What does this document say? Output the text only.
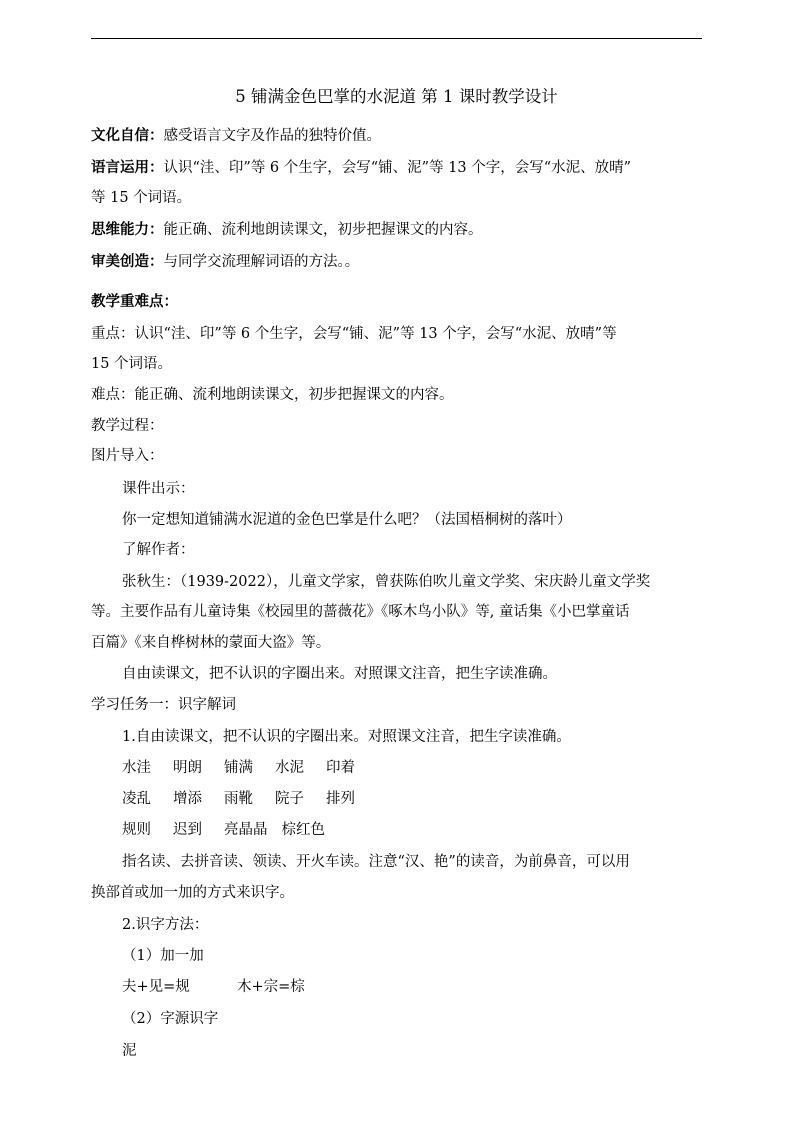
5 铺满金色巴掌的水泥道 第 1 课时教学设计
文化自信：感受语言文字及作品的独特价值。
语言运用：认识“洼、印”等 6 个生字，会写“铺、泥”等 13 个字，会写“水泥、放晴”
等 15 个词语。
思维能力：能正确、流利地朗读课文，初步把握课文的内容。
审美创造：与同学交流理解词语的方法。。
教学重难点：
重点：认识“洼、印”等 6 个生字，会写“铺、泥”等 13 个字，会写“水泥、放晴”等
15 个词语。
难点：能正确、流利地朗读课文，初步把握课文的内容。
教学过程：
图片导入：
课件出示：
你一定想知道铺满水泥道的金色巴掌是什么吧？（法国梧桐树的落叶）
了解作者：
张秋生：（1939-2022），儿童文学家，曾获陈伯吹儿童文学奖、宋庆龄儿童文学奖
等。主要作品有儿童诗集《校园里的蔷薇花》《啄木鸟小队》等, 童话集《小巴掌童话
百篇》《来自桦树林的蒙面大盗》等。
自由读课文，把不认识的字圈出来。对照课文注音，把生字读准确。
学习任务一：识字解词
1.自由读课文，把不认识的字圈出来。对照课文注音，把生字读准确。
水洼 明朗 铺满 水泥 印着
凌乱 增添 雨靴 院子 排列
规则 迟到 亮晶晶 棕红色
指名读、去拼音读、领读、开火车读。注意“汉、艳”的读音，为前鼻音，可以用
换部首或加一加的方式来识字。
2.识字方法：
（1）加一加
夫+见=规	木+宗=棕
（2）字源识字
泥
